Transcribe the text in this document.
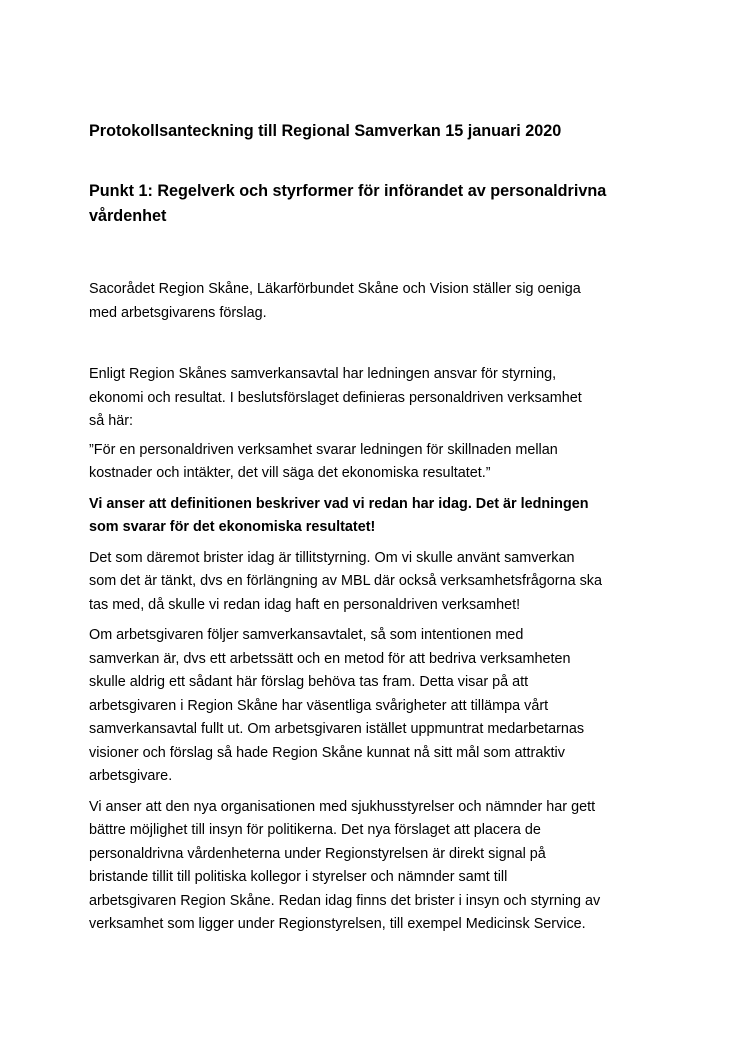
Protokollsanteckning till Regional Samverkan 15 januari 2020

Punkt 1: Regelverk och styrformer för införandet av personaldrivna
vårdenhet

Sacorådet Region Skåne, Läkarförbundet Skåne och Vision ställer sig oeniga
med arbetsgivarens förslag.

Enligt Region Skånes samverkansavtal har ledningen ansvar för styrning,
ekonomi och resultat. I beslutsförslaget definieras personaldriven verksamhet
så här:

”För en personaldriven verksamhet svarar ledningen för skillnaden mellan
kostnader och intäkter, det vill säga det ekonomiska resultatet.”

Vi anser att definitionen beskriver vad vi redan har idag. Det är ledningen
som svarar för det ekonomiska resultatet!

Det som däremot brister idag är tillitstyrning. Om vi skulle använt samverkan
som det är tänkt, dvs en förlängning av MBL där också verksamhetsfrågorna ska
tas med, då skulle vi redan idag haft en personaldriven verksamhet!

Om arbetsgivaren följer samverkansavtalet, så som intentionen med
samverkan är, dvs ett arbetssätt och en metod för att bedriva verksamheten
skulle aldrig ett sådant här förslag behöva tas fram. Detta visar på att
arbetsgivaren i Region Skåne har väsentliga svårigheter att tillämpa vårt
samverkansavtal fullt ut. Om arbetsgivaren istället uppmuntrat medarbetarnas
visioner och förslag så hade Region Skåne kunnat nå sitt mål som attraktiv
arbetsgivare.

Vi anser att den nya organisationen med sjukhusstyrelser och nämnder har gett
bättre möjlighet till insyn för politikerna. Det nya förslaget att placera de
personaldrivna vårdenheterna under Regionstyrelsen är direkt signal på
bristande tillit till politiska kollegor i styrelser och nämnder samt till
arbetsgivaren Region Skåne. Redan idag finns det brister i insyn och styrning av
verksamhet som ligger under Regionstyrelsen, till exempel Medicinsk Service.
